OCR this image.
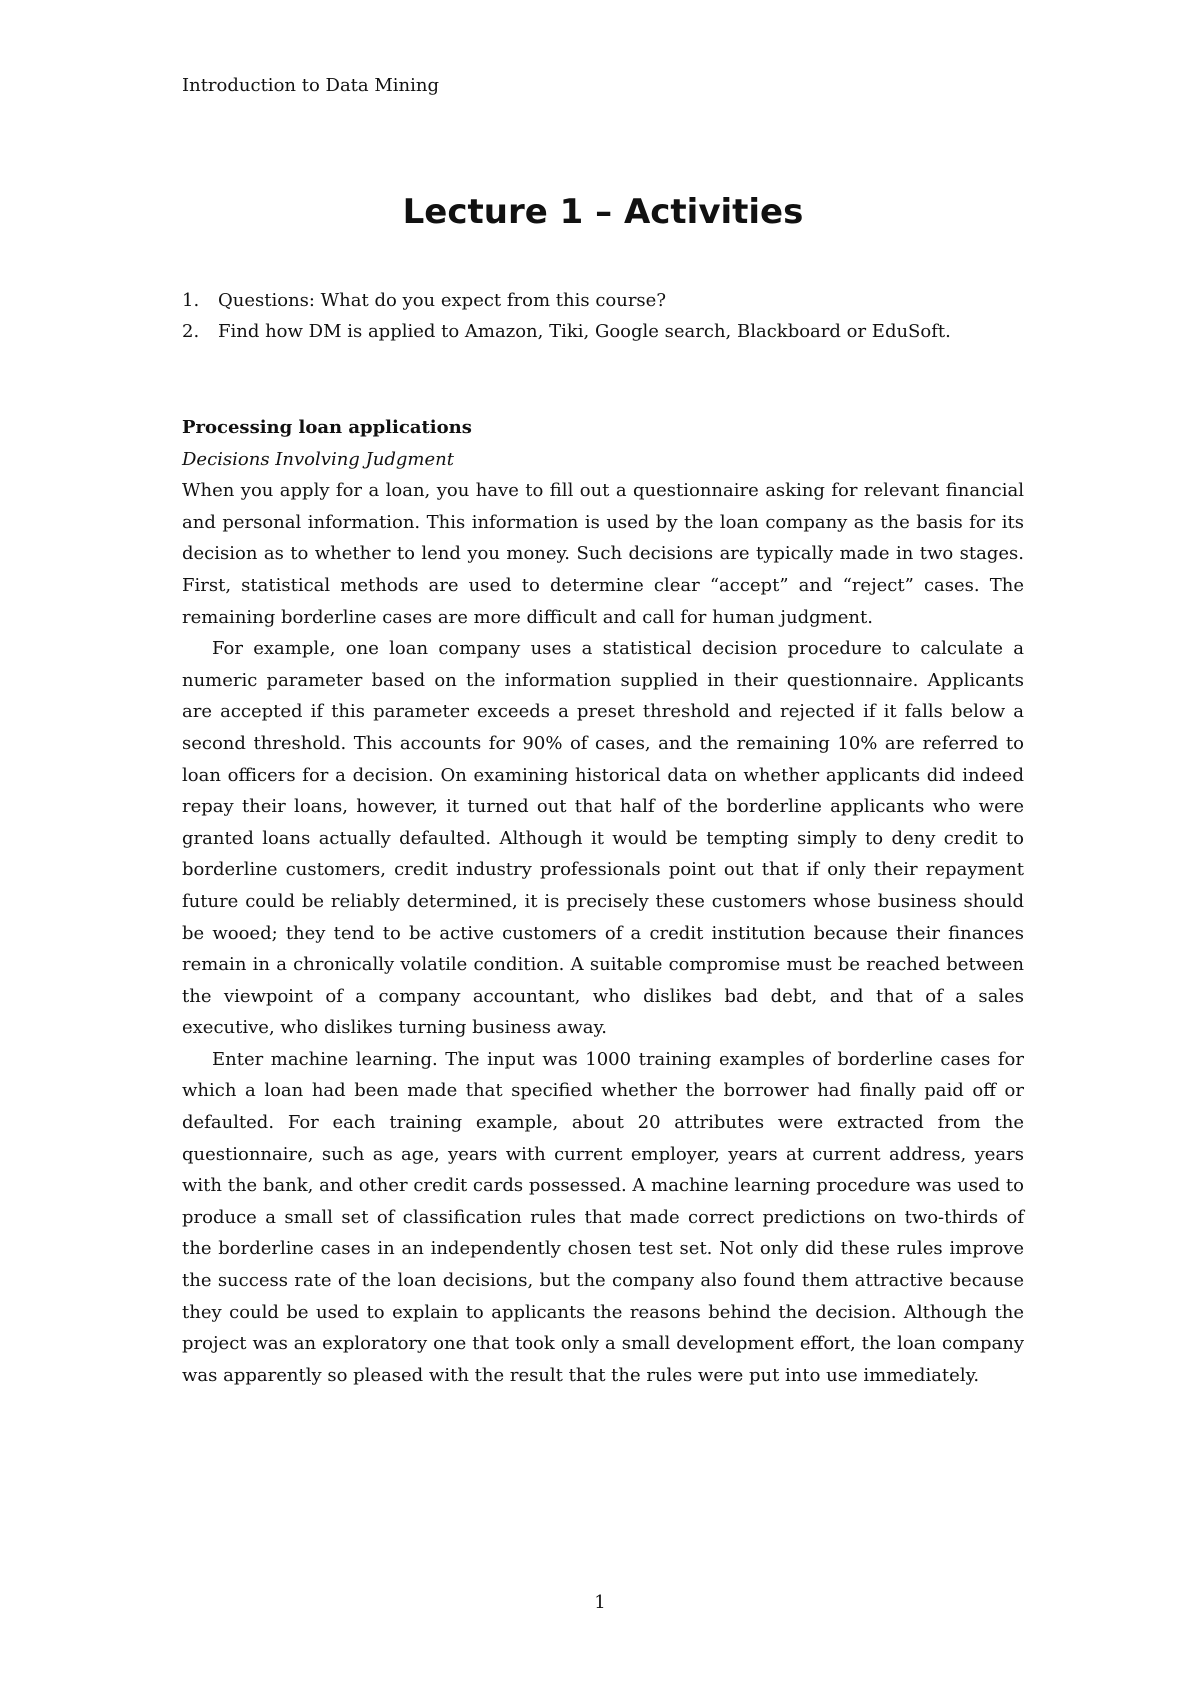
Introduction to Data Mining
Lecture 1 – Activities
1.	Questions: What do you expect from this course?
2.	Find how DM is applied to Amazon, Tiki, Google search, Blackboard or EduSoft.

Processing loan applications

Decisions Involving Judgment

When you apply for a loan, you have to fill out a questionnaire asking for relevant financial and personal information. This information is used by the loan company as the basis for its decision as to whether to lend you money. Such decisions are typically made in two stages. First, statistical methods are used to determine clear “accept” and “reject” cases. The remaining borderline cases are more difficult and call for human judgment.

For example, one loan company uses a statistical decision procedure to calculate a numeric parameter based on the information supplied in their questionnaire. Applicants are accepted if this parameter exceeds a preset threshold and rejected if it falls below a second threshold. This accounts for 90% of cases, and the remaining 10% are referred to loan officers for a decision. On examining historical data on whether applicants did indeed repay their loans, however, it turned out that half of the borderline applicants who were granted loans actually defaulted. Although it would be tempting simply to deny credit to borderline customers, credit industry professionals point out that if only their repayment future could be reliably determined, it is precisely these customers whose business should be wooed; they tend to be active customers of a credit institution because their finances remain in a chronically volatile condition. A suitable compromise must be reached between the viewpoint of a company accountant, who dislikes bad debt, and that of a sales executive, who dislikes turning business away.

Enter machine learning. The input was 1000 training examples of borderline cases for which a loan had been made that specified whether the borrower had finally paid off or defaulted. For each training example, about 20 attributes were extracted from the questionnaire, such as age, years with current employer, years at current address, years with the bank, and other credit cards possessed. A machine learning procedure was used to produce a small set of classification rules that made correct predictions on two-thirds of the borderline cases in an independently chosen test set. Not only did these rules improve the success rate of the loan decisions, but the company also found them attractive because they could be used to explain to applicants the reasons behind the decision. Although the project was an exploratory one that took only a small development effort, the loan company was apparently so pleased with the result that the rules were put into use immediately.

1
